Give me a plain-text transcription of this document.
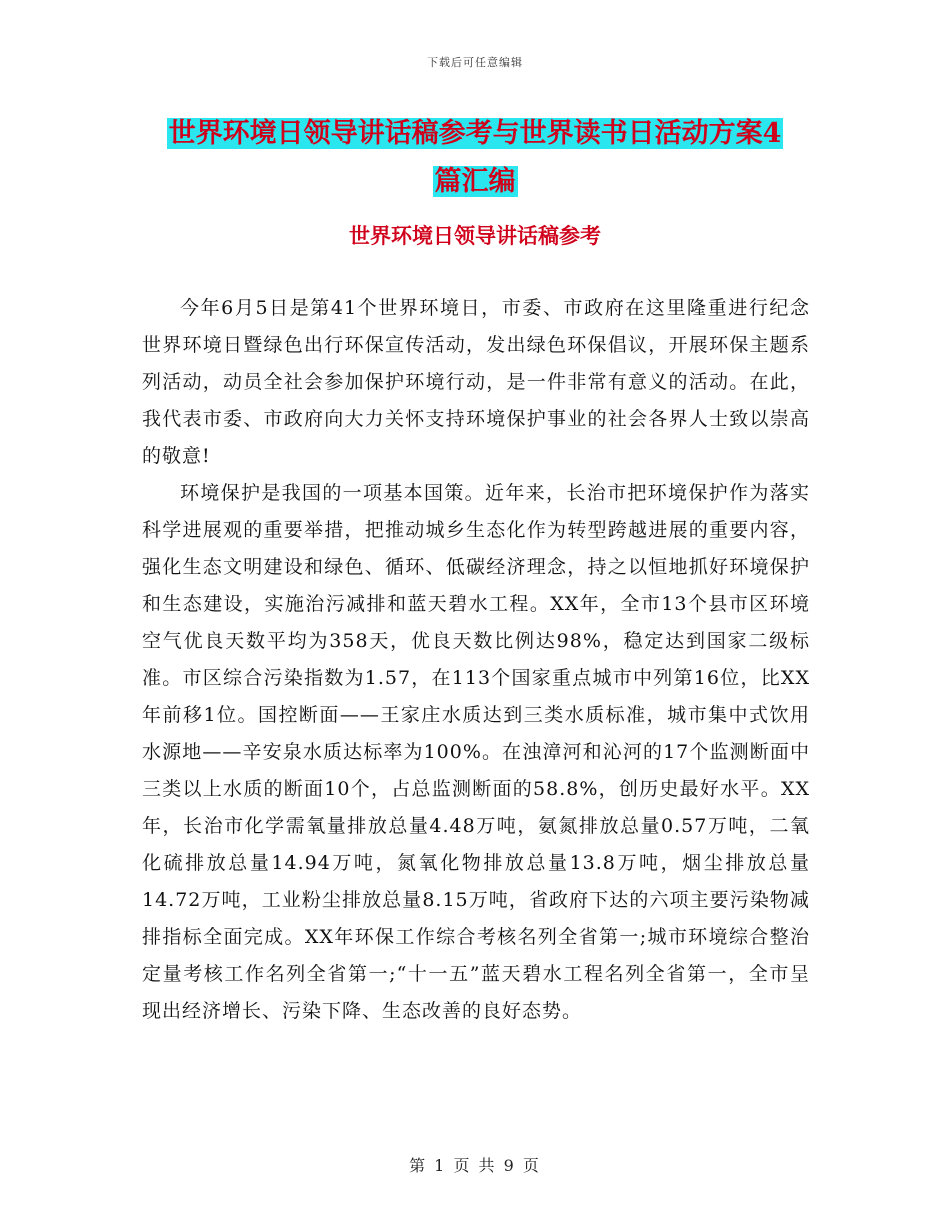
下载后可任意编辑
世界环境日领导讲话稿参考与世界读书日活动方案4
篇汇编
世界环境日领导讲话稿参考

今年6月5日是第41个世界环境日，市委、市政府在这里隆重进行纪念世界环境日暨绿色出行环保宣传活动，发出绿色环保倡议，开展环保主题系列活动，动员全社会参加保护环境行动，是一件非常有意义的活动。在此，我代表市委、市政府向大力关怀支持环境保护事业的社会各界人士致以崇高的敬意!

环境保护是我国的一项基本国策。近年来，长治市把环境保护作为落实科学进展观的重要举措，把推动城乡生态化作为转型跨越进展的重要内容，强化生态文明建设和绿色、循环、低碳经济理念，持之以恒地抓好环境保护和生态建设，实施治污减排和蓝天碧水工程。XX年，全市13个县市区环境空气优良天数平均为358天，优良天数比例达98%，稳定达到国家二级标准。市区综合污染指数为1.57，在113个国家重点城市中列第16位，比XX年前移1位。国控断面——王家庄水质达到三类水质标准，城市集中式饮用水源地——辛安泉水质达标率为100%。在浊漳河和沁河的17个监测断面中三类以上水质的断面10个，占总监测断面的58.8%，创历史最好水平。XX年，长治市化学需氧量排放总量4.48万吨，氨氮排放总量0.57万吨，二氧化硫排放总量14.94万吨，氮氧化物排放总量13.8万吨，烟尘排放总量14.72万吨，工业粉尘排放总量8.15万吨，省政府下达的六项主要污染物减排指标全面完成。XX年环保工作综合考核名列全省第一;城市环境综合整治定量考核工作名列全省第一;“十一五”蓝天碧水工程名列全省第一，全市呈现出经济增长、污染下降、生态改善的良好态势。

第 1 页 共 9 页
